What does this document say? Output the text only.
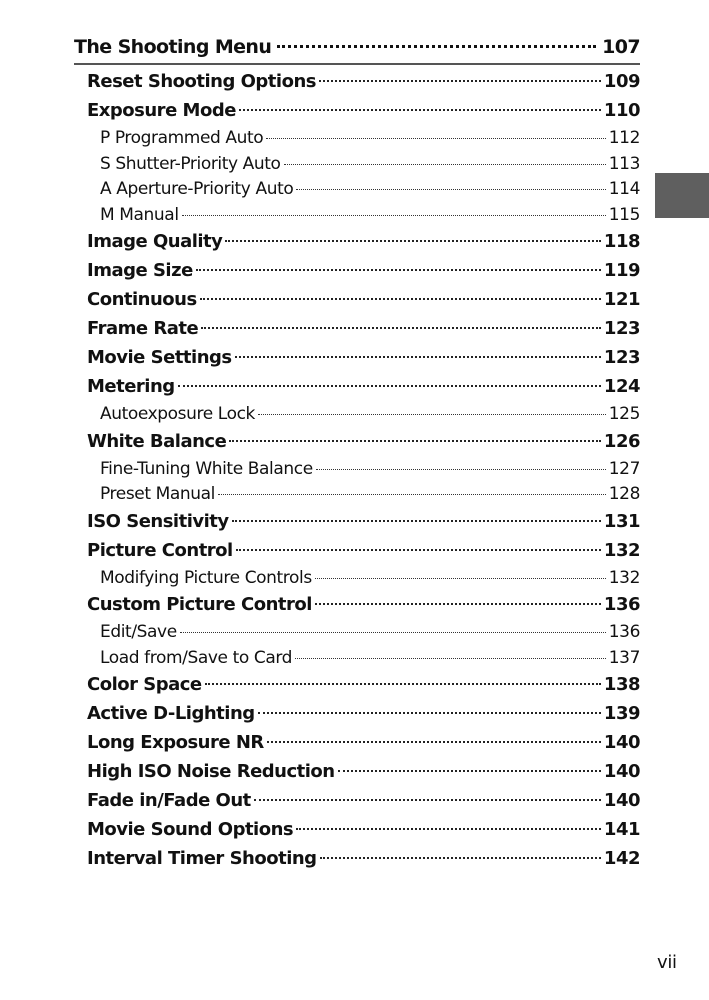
The Shooting Menu	107
Reset Shooting Options	109
Exposure Mode	110
P Programmed Auto	112
S Shutter-Priority Auto	113
A Aperture-Priority Auto	114
M Manual	115
Image Quality	118
Image Size	119
Continuous	121
Frame Rate	123
Movie Settings	123
Metering	124
Autoexposure Lock	125
White Balance	126
Fine-Tuning White Balance	127
Preset Manual	128
ISO Sensitivity	131
Picture Control	132
Modifying Picture Controls	132
Custom Picture Control	136
Edit/Save	136
Load from/Save to Card	137
Color Space	138
Active D-Lighting	139
Long Exposure NR	140
High ISO Noise Reduction	140
Fade in/Fade Out	140
Movie Sound Options	141
Interval Timer Shooting	142
vii
